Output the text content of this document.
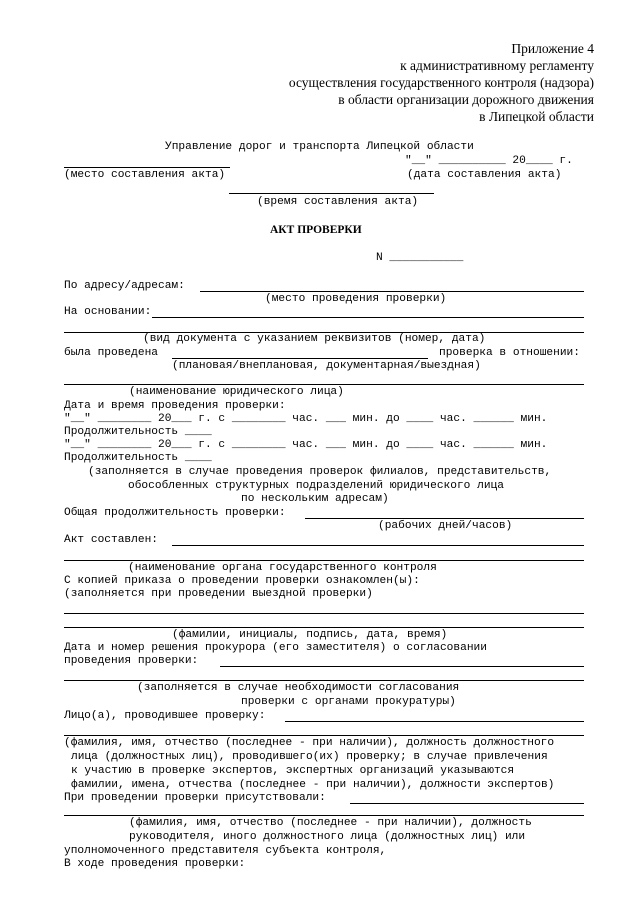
Приложение 4
к административному регламенту
осуществления государственного контроля (надзора)
в области организации дорожного движения
в Липецкой области
Управление дорог и транспорта Липецкой области
"__" __________ 20____ г.
(место составления акта)	(дата составления акта)
(время составления акта)
АКТ ПРОВЕРКИ
N ___________
По адресу/адресам:
(место проведения проверки)
На основании:
(вид документа с указанием реквизитов (номер, дата)
была проведена	проверка в отношении:
(плановая/внеплановая, документарная/выездная)
(наименование юридического лица)
Дата и время проведения проверки:
"__" ________ 20___ г. с ________ час. ___ мин. до ____ час. ______ мин.
Продолжительность ____
"__" ________ 20___ г. с ________ час. ___ мин. до ____ час. ______ мин.
Продолжительность ____
(заполняется в случае проведения проверок филиалов, представительств,
обособленных структурных подразделений юридического лица
по нескольким адресам)
Общая продолжительность проверки:
(рабочих дней/часов)
Акт составлен:
(наименование органа государственного контроля
С копией приказа о проведении проверки ознакомлен(ы):
(заполняется при проведении выездной проверки)
(фамилии, инициалы, подпись, дата, время)
Дата и номер решения прокурора (его заместителя) о согласовании
проведения проверки:
(заполняется в случае необходимости согласования
проверки с органами прокуратуры)
Лицо(а), проводившее проверку:
(фамилия, имя, отчество (последнее - при наличии), должность должностного
лица (должностных лиц), проводившего(их) проверку; в случае привлечения
к участию в проверке экспертов, экспертных организаций указываются
фамилии, имена, отчества (последнее - при наличии), должности экспертов)
При проведении проверки присутствовали:
(фамилия, имя, отчество (последнее - при наличии), должность
руководителя, иного должностного лица (должностных лиц) или
уполномоченного представителя субъекта контроля,
В ходе проведения проверки:
